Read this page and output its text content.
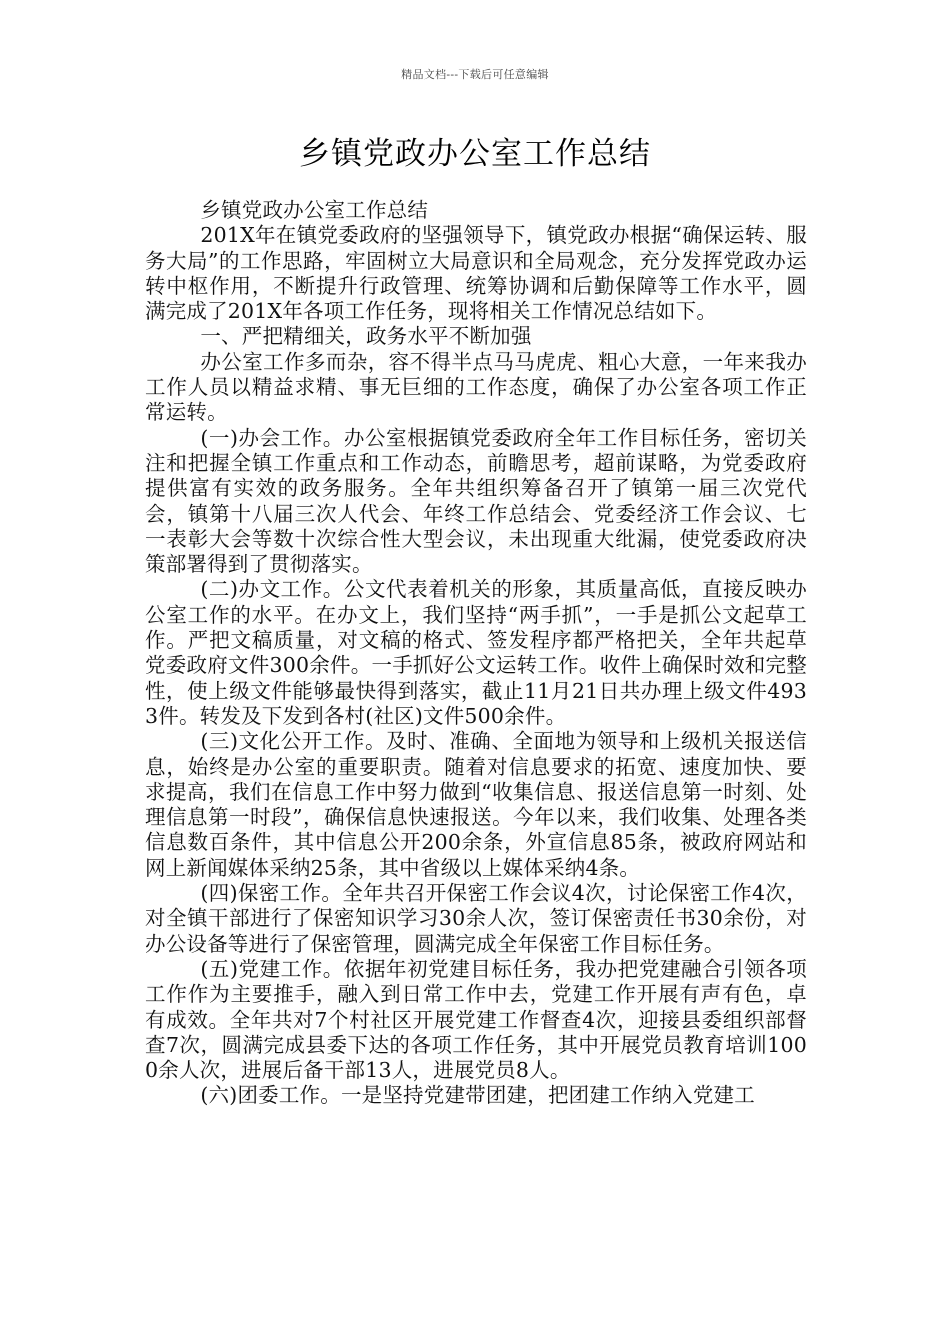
精品文档---下载后可任意编辑
乡镇党政办公室工作总结

乡镇党政办公室工作总结

201X年在镇党委政府的坚强领导下，镇党政办根据“确保运转、服务大局”的工作思路，牢固树立大局意识和全局观念，充分发挥党政办运转中枢作用，不断提升行政管理、统筹协调和后勤保障等工作水平，圆满完成了201X年各项工作任务，现将相关工作情况总结如下。

一、严把精细关，政务水平不断加强

办公室工作多而杂，容不得半点马马虎虎、粗心大意，一年来我办工作人员以精益求精、事无巨细的工作态度，确保了办公室各项工作正常运转。

(一)办会工作。办公室根据镇党委政府全年工作目标任务，密切关注和把握全镇工作重点和工作动态，前瞻思考，超前谋略，为党委政府提供富有实效的政务服务。全年共组织筹备召开了镇第一届三次党代会，镇第十八届三次人代会、年终工作总结会、党委经济工作会议、七一表彰大会等数十次综合性大型会议，未出现重大纰漏，使党委政府决策部署得到了贯彻落实。

(二)办文工作。公文代表着机关的形象，其质量高低，直接反映办公室工作的水平。在办文上，我们坚持“两手抓”，一手是抓公文起草工作。严把文稿质量，对文稿的格式、签发程序都严格把关，全年共起草党委政府文件300余件。一手抓好公文运转工作。收件上确保时效和完整性，使上级文件能够最快得到落实，截止11月21日共办理上级文件4933件。转发及下发到各村(社区)文件500余件。

(三)文化公开工作。及时、准确、全面地为领导和上级机关报送信息，始终是办公室的重要职责。随着对信息要求的拓宽、速度加快、要求提高，我们在信息工作中努力做到“收集信息、报送信息第一时刻、处理信息第一时段”，确保信息快速报送。今年以来，我们收集、处理各类信息数百条件，其中信息公开200余条，外宣信息85条，被政府网站和网上新闻媒体采纳25条，其中省级以上媒体采纳4条。

(四)保密工作。全年共召开保密工作会议4次，讨论保密工作4次，对全镇干部进行了保密知识学习30余人次，签订保密责任书30余份，对办公设备等进行了保密管理，圆满完成全年保密工作目标任务。

(五)党建工作。依据年初党建目标任务，我办把党建融合引领各项工作作为主要推手，融入到日常工作中去，党建工作开展有声有色，卓有成效。全年共对7个村社区开展党建工作督查4次，迎接县委组织部督查7次，圆满完成县委下达的各项工作任务，其中开展党员教育培训1000余人次，进展后备干部13人，进展党员8人。

(六)团委工作。一是坚持党建带团建，把团建工作纳入党建工
